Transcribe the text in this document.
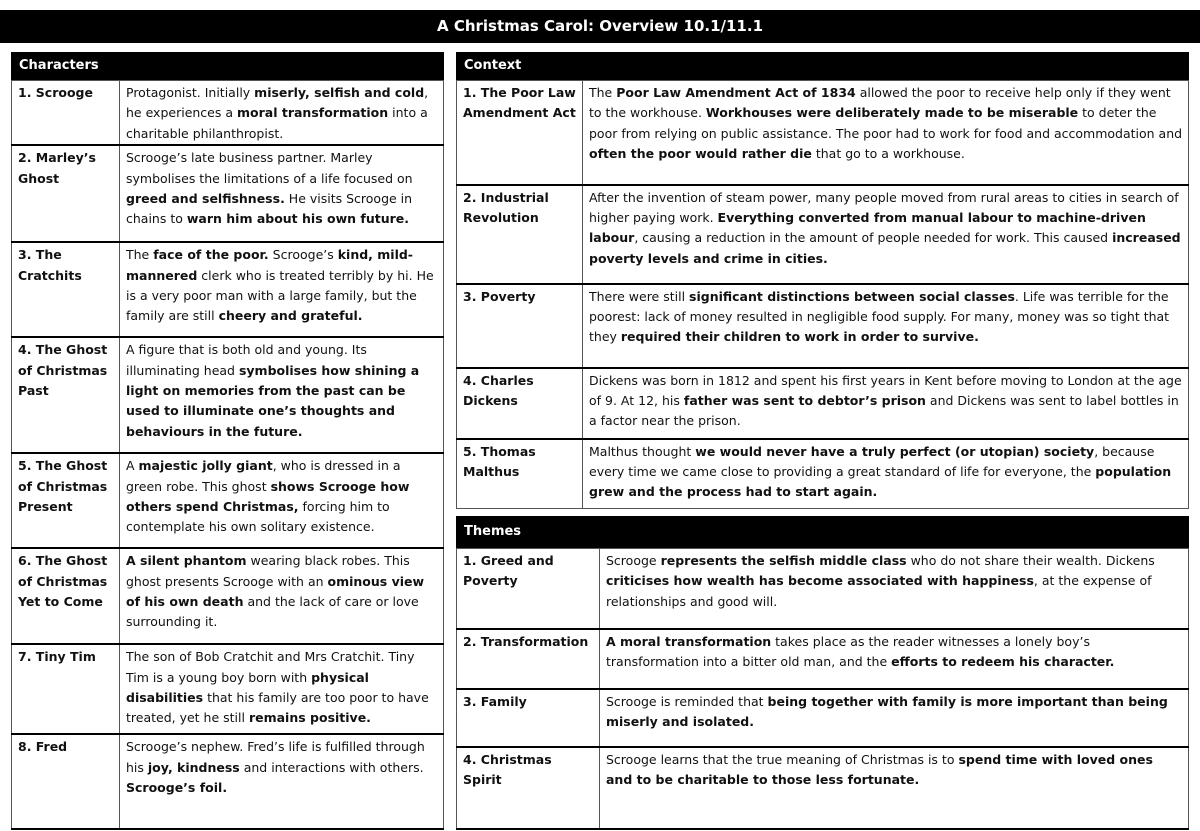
A Christmas Carol: Overview 10.1/11.1
Characters
1. Scrooge	Protagonist. Initially miserly, selfish and cold, he experiences a moral transformation into a charitable philanthropist.
2. Marley’s Ghost	Scrooge’s late business partner. Marley symbolises the limitations of a life focused on greed and selfishness. He visits Scrooge in chains to warn him about his own future.
3. The Cratchits	The face of the poor. Scrooge’s kind, mild-mannered clerk who is treated terribly by hi. He is a very poor man with a large family, but the family are still cheery and grateful.
4. The Ghost of Christmas Past	A figure that is both old and young. Its illuminating head symbolises how shining a light on memories from the past can be used to illuminate one’s thoughts and behaviours in the future.
5. The Ghost of Christmas Present	A majestic jolly giant, who is dressed in a green robe. This ghost shows Scrooge how others spend Christmas, forcing him to contemplate his own solitary existence.
6. The Ghost of Christmas Yet to Come	A silent phantom wearing black robes. This ghost presents Scrooge with an ominous view of his own death and the lack of care or love surrounding it.
7. Tiny Tim	The son of Bob Cratchit and Mrs Cratchit. Tiny Tim is a young boy born with physical disabilities that his family are too poor to have treated, yet he still remains positive.
8. Fred	Scrooge’s nephew. Fred’s life is fulfilled through his joy, kindness and interactions with others. Scrooge’s foil.
Context
1. The Poor Law Amendment Act	The Poor Law Amendment Act of 1834 allowed the poor to receive help only if they went to the workhouse. Workhouses were deliberately made to be miserable to deter the poor from relying on public assistance. The poor had to work for food and accommodation and often the poor would rather die that go to a workhouse.
2. Industrial Revolution	After the invention of steam power, many people moved from rural areas to cities in search of higher paying work. Everything converted from manual labour to machine-driven labour, causing a reduction in the amount of people needed for work. This caused increased poverty levels and crime in cities.
3. Poverty	There were still significant distinctions between social classes. Life was terrible for the poorest: lack of money resulted in negligible food supply. For many, money was so tight that they required their children to work in order to survive.
4. Charles Dickens	Dickens was born in 1812 and spent his first years in Kent before moving to London at the age of 9. At 12, his father was sent to debtor’s prison and Dickens was sent to label bottles in a factor near the prison.
5. Thomas Malthus	Malthus thought we would never have a truly perfect (or utopian) society, because every time we came close to providing a great standard of life for everyone, the population grew and the process had to start again.
Themes
1. Greed and Poverty	Scrooge represents the selfish middle class who do not share their wealth. Dickens criticises how wealth has become associated with happiness, at the expense of relationships and good will.
2. Transformation	A moral transformation takes place as the reader witnesses a lonely boy’s transformation into a bitter old man, and the efforts to redeem his character.
3. Family	Scrooge is reminded that being together with family is more important than being miserly and isolated.
4. Christmas Spirit	Scrooge learns that the true meaning of Christmas is to spend time with loved ones and to be charitable to those less fortunate.
